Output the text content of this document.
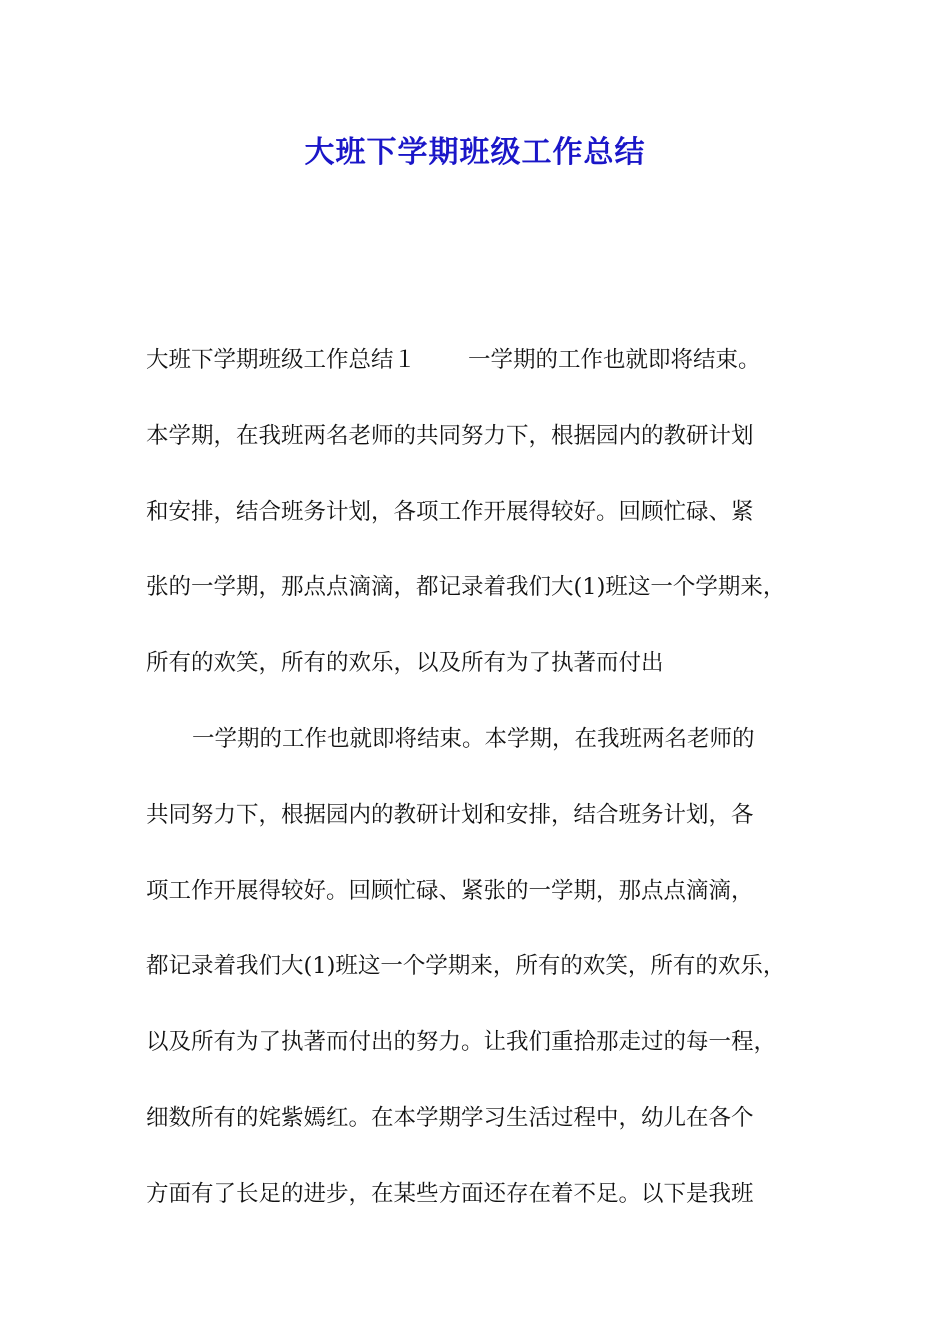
大班下学期班级工作总结
大班下学期班级工作总结１ 一学期的工作也就即将结束。
本学期，在我班两名老师的共同努力下，根据园内的教研计划
和安排，结合班务计划，各项工作开展得较好。回顾忙碌、紧
张的一学期，那点点滴滴，都记录着我们大(1)班这一个学期来，
所有的欢笑，所有的欢乐，以及所有为了执著而付出
一学期的工作也就即将结束。本学期，在我班两名老师的
共同努力下，根据园内的教研计划和安排，结合班务计划，各
项工作开展得较好。回顾忙碌、紧张的一学期，那点点滴滴，
都记录着我们大(1)班这一个学期来，所有的欢笑，所有的欢乐，
以及所有为了执著而付出的努力。让我们重拾那走过的每一程，
细数所有的姹紫嫣红。在本学期学习生活过程中，幼儿在各个
方面有了长足的进步，在某些方面还存在着不足。以下是我班
